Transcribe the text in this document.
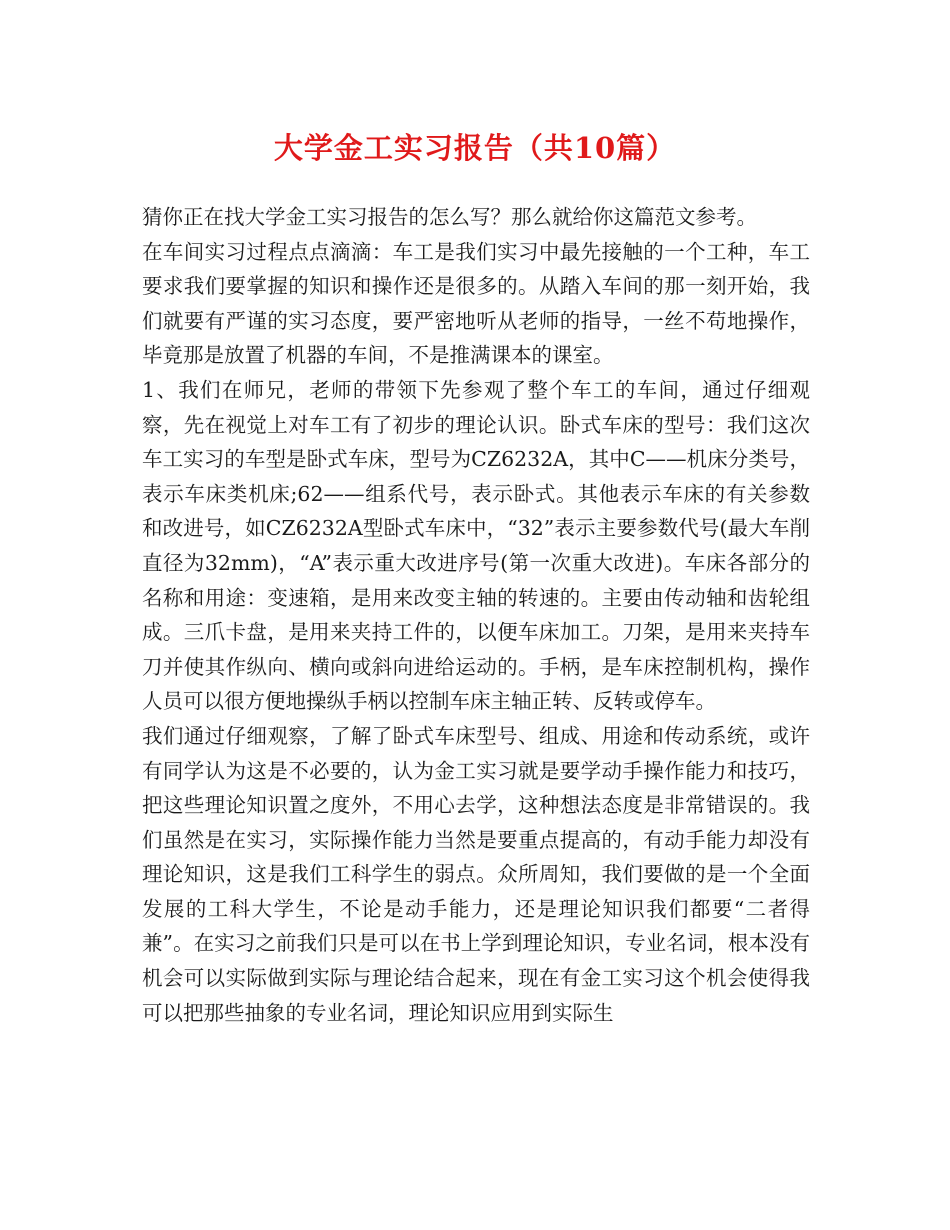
大学金工实习报告（共10篇）

猜你正在找大学金工实习报告的怎么写？那么就给你这篇范文参考。

在车间实习过程点点滴滴：车工是我们实习中最先接触的一个工种，车工要求我们要掌握的知识和操作还是很多的。从踏入车间的那一刻开始，我们就要有严谨的实习态度，要严密地听从老师的指导，一丝不苟地操作，毕竟那是放置了机器的车间，不是推满课本的课室。

1、我们在师兄，老师的带领下先参观了整个车工的车间，通过仔细观察，先在视觉上对车工有了初步的理论认识。卧式车床的型号：我们这次车工实习的车型是卧式车床，型号为CZ6232A，其中C——机床分类号，表示车床类机床;62——组系代号，表示卧式。其他表示车床的有关参数和改进号，如CZ6232A型卧式车床中，“32”表示主要参数代号(最大车削直径为32mm)，“A”表示重大改进序号(第一次重大改进)。车床各部分的名称和用途：变速箱，是用来改变主轴的转速的。主要由传动轴和齿轮组成。三爪卡盘，是用来夹持工件的，以便车床加工。刀架，是用来夹持车刀并使其作纵向、横向或斜向进给运动的。手柄，是车床控制机构，操作人员可以很方便地操纵手柄以控制车床主轴正转、反转或停车。

我们通过仔细观察，了解了卧式车床型号、组成、用途和传动系统，或许有同学认为这是不必要的，认为金工实习就是要学动手操作能力和技巧，把这些理论知识置之度外，不用心去学，这种想法态度是非常错误的。我们虽然是在实习，实际操作能力当然是要重点提高的，有动手能力却没有理论知识，这是我们工科学生的弱点。众所周知，我们要做的是一个全面发展的工科大学生，不论是动手能力，还是理论知识我们都要“二者得兼”。在实习之前我们只是可以在书上学到理论知识，专业名词，根本没有机会可以实际做到实际与理论结合起来，现在有金工实习这个机会使得我可以把那些抽象的专业名词，理论知识应用到实际生
